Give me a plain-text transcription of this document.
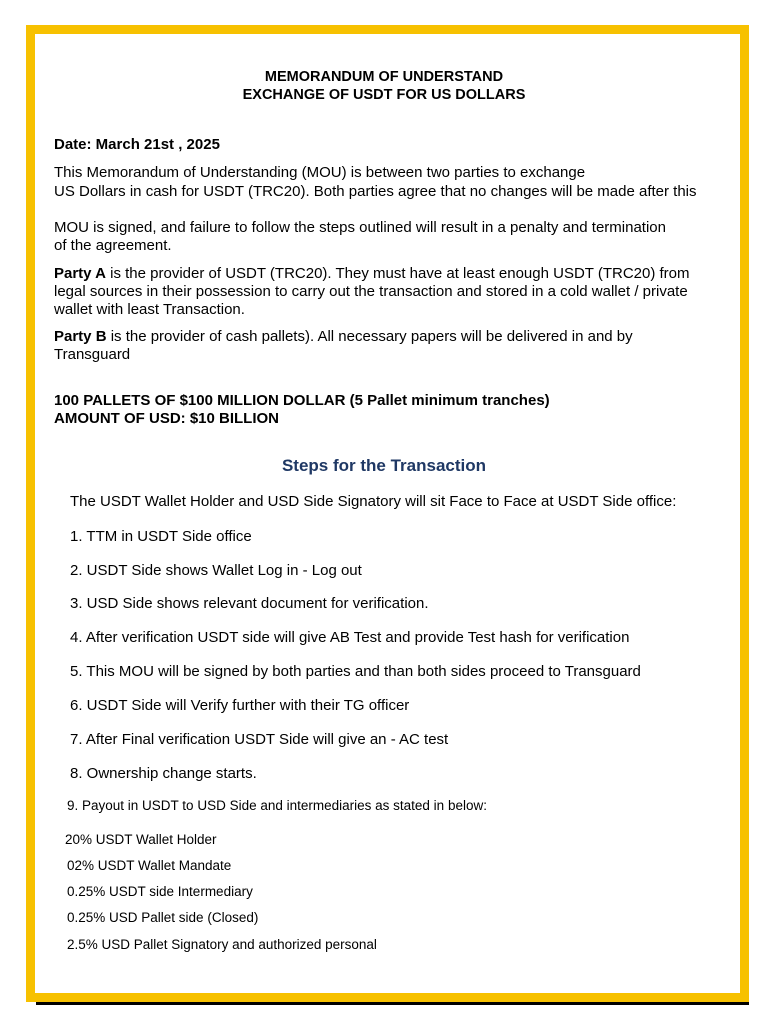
MEMORANDUM OF UNDERSTAND

EXCHANGE OF USDT FOR US DOLLARS

Date: March 21st , 2025

This Memorandum of Understanding (MOU) is between two parties to exchange

US Dollars in cash for USDT (TRC20). Both parties agree that no changes will be made after this

MOU is signed, and failure to follow the steps outlined will result in a penalty and termination

of the agreement.

Party A is the provider of USDT (TRC20). They must have at least enough USDT (TRC20) from

legal sources in their possession to carry out the transaction and stored in a cold wallet / private

wallet with least Transaction.

Party B is the provider of cash pallets). All necessary papers will be delivered in and by

Transguard

100 PALLETS OF $100 MILLION DOLLAR (5 Pallet minimum tranches)

AMOUNT OF USD: $10 BILLION

Steps for the Transaction

The USDT Wallet Holder and USD Side Signatory will sit Face to Face at USDT Side office:

1. TTM in USDT Side office

2. USDT Side shows Wallet Log in - Log out

3. USD Side shows relevant document for verification.

4. After verification USDT side will give AB Test and provide Test hash for verification

5. This MOU will be signed by both parties and than both sides proceed to Transguard

6. USDT Side will Verify further with their TG officer

7. After Final verification USDT Side will give an - AC test

8. Ownership change starts.

9. Payout in USDT to USD Side and intermediaries as stated in below:

20% USDT Wallet Holder

02% USDT Wallet Mandate

0.25% USDT side Intermediary

0.25% USD Pallet side (Closed)

2.5% USD Pallet Signatory and authorized personal
